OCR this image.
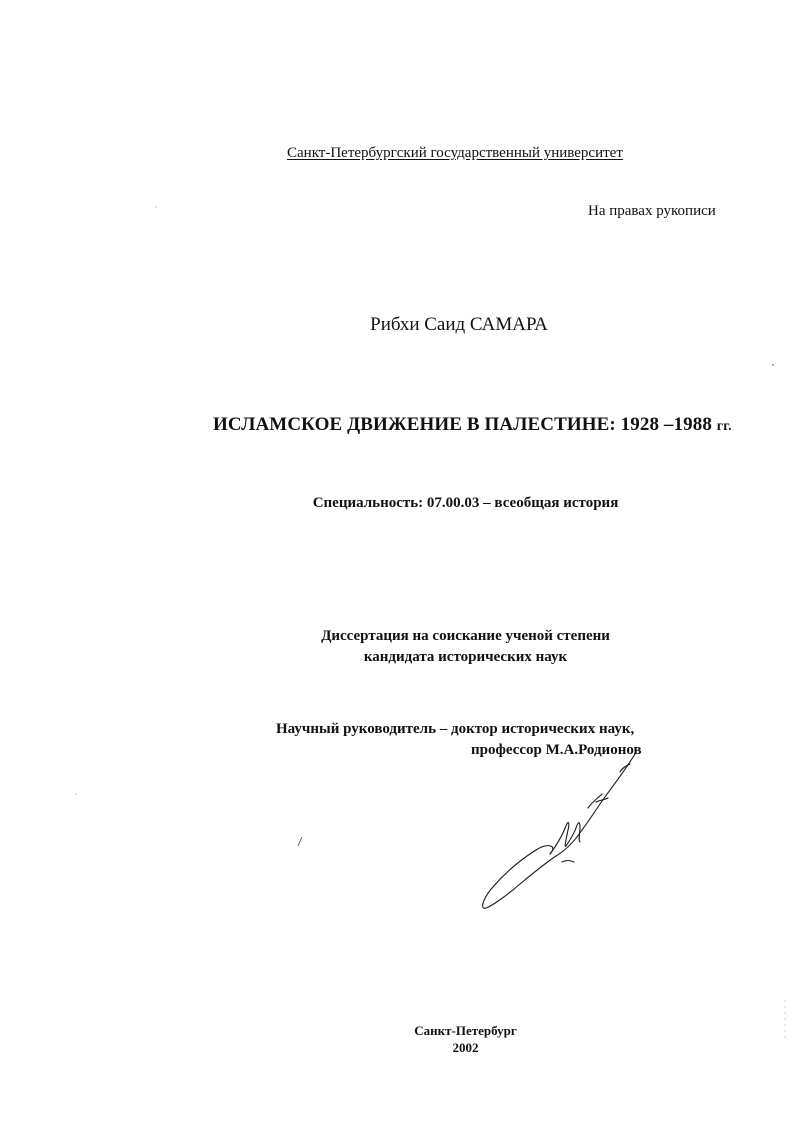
Санкт-Петербургский государственный университет
На правах рукописи
Рибхи Саид САМАРА
ИСЛАМСКОЕ ДВИЖЕНИЕ В ПАЛЕСТИНЕ: 1928 –1988 гг.
Специальность: 07.00.03 – всеобщая история
Диссертация на соискание ученой степени
кандидата исторических наук
Научный руководитель – доктор исторических наук,
профессор М.А.Родионов
Санкт-Петербург
2002
